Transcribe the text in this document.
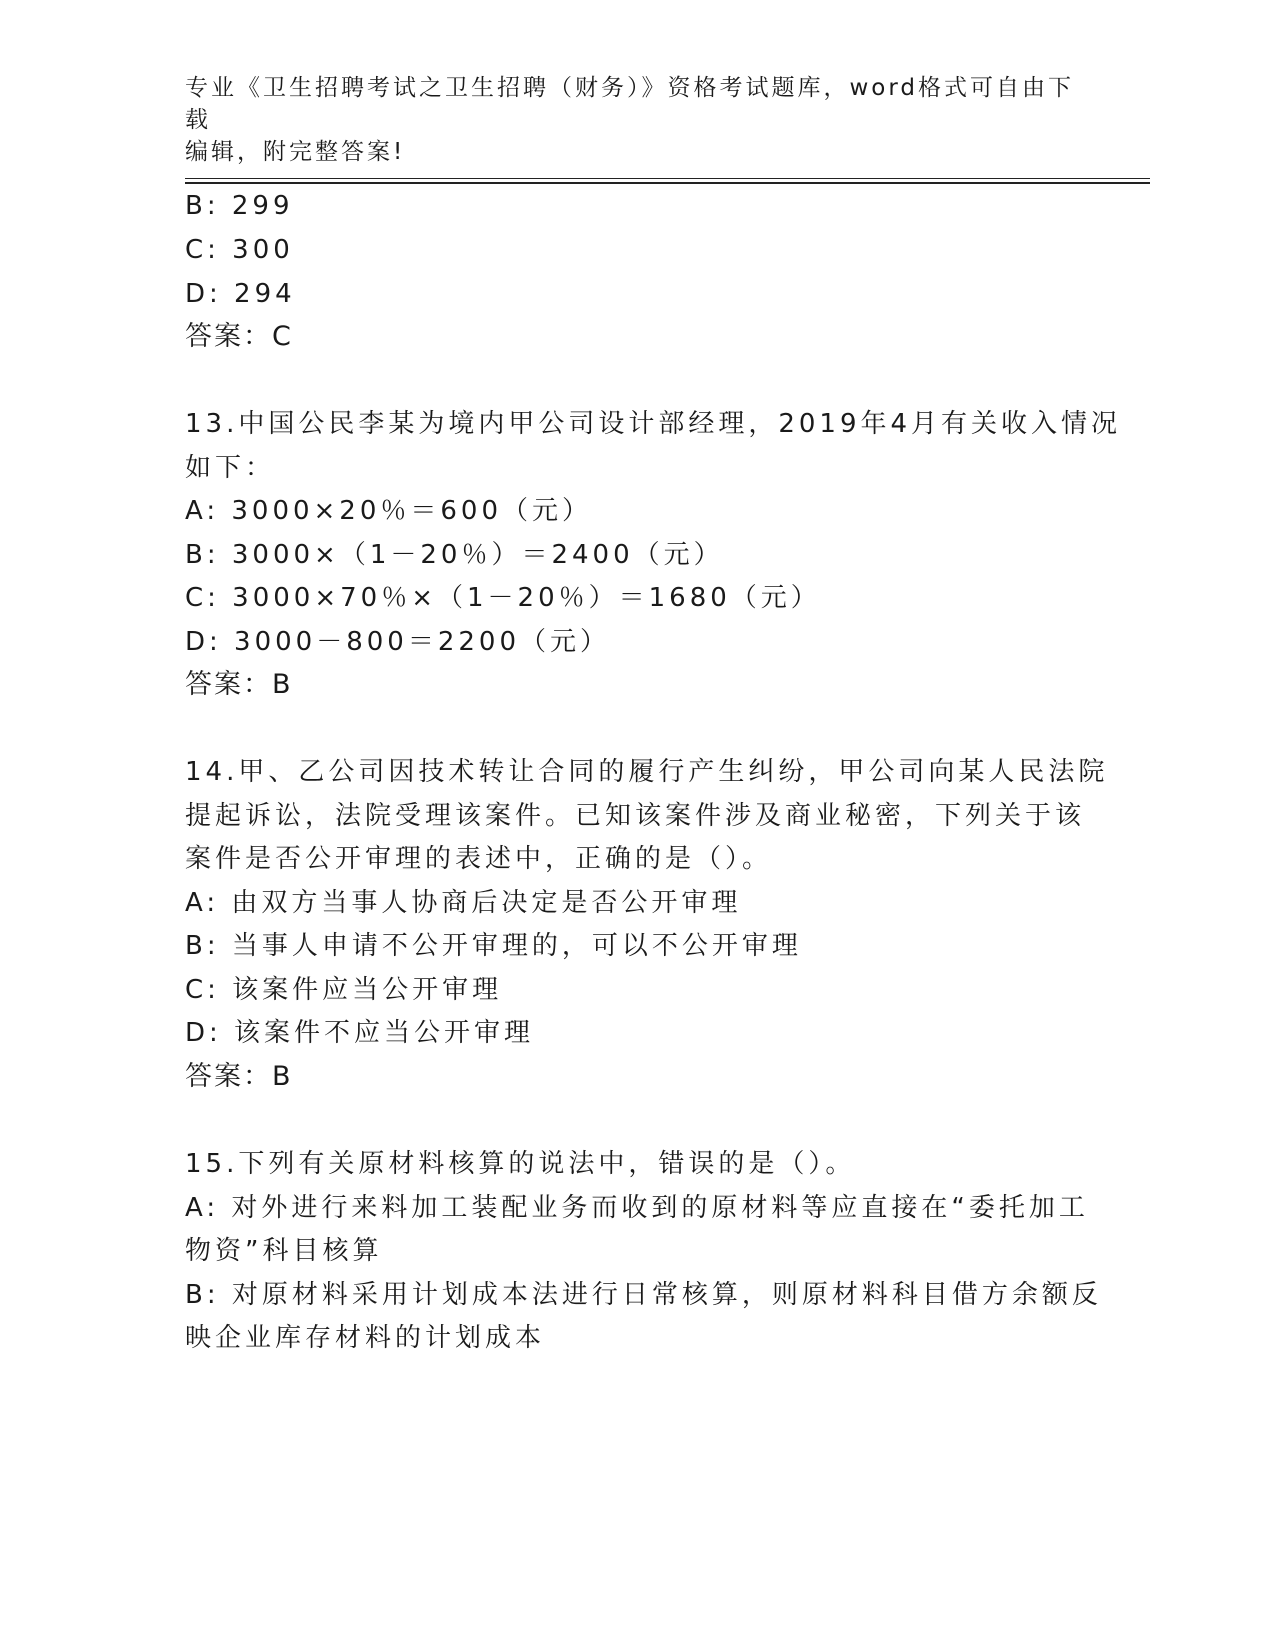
专业《卫生招聘考试之卫生招聘（财务）》资格考试题库，word格式可自由下载
编辑，附完整答案!
B: 299
C: 300
D: 294
答案：C
13.中国公民李某为境内甲公司设计部经理，2019年4月有关收入情况
如下：
A: 3000×20％＝600（元）
B: 3000×（1－20％）＝2400（元）
C: 3000×70％×（1－20％）＝1680（元）
D: 3000－800＝2200（元）
答案：B
14.甲、乙公司因技术转让合同的履行产生纠纷，甲公司向某人民法院
提起诉讼，法院受理该案件。已知该案件涉及商业秘密，下列关于该
案件是否公开审理的表述中，正确的是（）。
A: 由双方当事人协商后决定是否公开审理
B: 当事人申请不公开审理的，可以不公开审理
C: 该案件应当公开审理
D: 该案件不应当公开审理
答案：B
15.下列有关原材料核算的说法中，错误的是（）。
A: 对外进行来料加工装配业务而收到的原材料等应直接在“委托加工
物资”科目核算
B: 对原材料采用计划成本法进行日常核算，则原材料科目借方余额反
映企业库存材料的计划成本
